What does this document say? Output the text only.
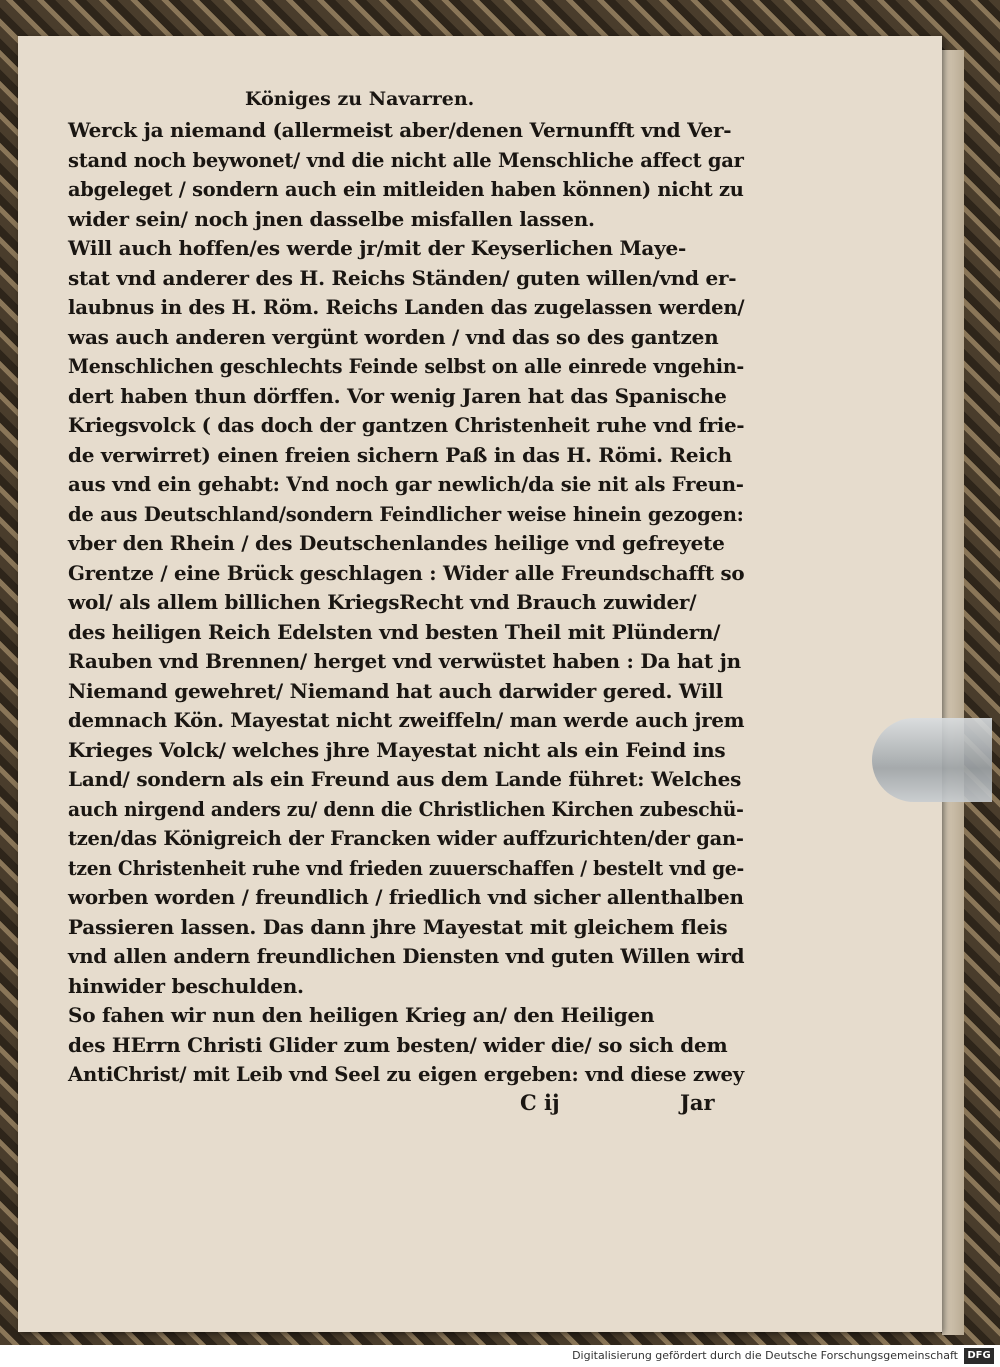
Königes zu Navarren.
Werck ja niemand (allermeist aber/denen Vernunfft vnd Ver-
stand noch beywonet/ vnd die nicht alle Menschliche affect gar
abgeleget / sondern auch ein mitleiden haben können) nicht zu
wider sein/ noch jnen dasselbe misfallen lassen.
Will auch hoffen/es werde jr/mit der Keyserlichen Maye-
stat vnd anderer des H. Reichs Ständen/ guten willen/vnd er-
laubnus in des H. Röm. Reichs Landen das zugelassen werden/
was auch anderen vergünt worden / vnd das so des gantzen
Menschlichen geschlechts Feinde selbst on alle einrede vngehin-
dert haben thun dörffen. Vor wenig Jaren hat das Spanische
Kriegsvolck ( das doch der gantzen Christenheit ruhe vnd frie-
de verwirret) einen freien sichern Paß in das H. Römi. Reich
aus vnd ein gehabt: Vnd noch gar newlich/da sie nit als Freun-
de aus Deutschland/sondern Feindlicher weise hinein gezogen:
vber den Rhein / des Deutschenlandes heilige vnd gefreyete
Grentze / eine Brück geschlagen : Wider alle Freundschafft so
wol/ als allem billichen KriegsRecht vnd Brauch zuwider/
des heiligen Reich Edelsten vnd besten Theil mit Plündern/
Rauben vnd Brennen/ herget vnd verwüstet haben : Da hat jn
Niemand gewehret/ Niemand hat auch darwider gered. Will
demnach Kön. Mayestat nicht zweiffeln/ man werde auch jrem
Krieges Volck/ welches jhre Mayestat nicht als ein Feind ins
Land/ sondern als ein Freund aus dem Lande führet: Welches
auch nirgend anders zu/ denn die Christlichen Kirchen zubeschü-
tzen/das Königreich der Francken wider auffzurichten/der gan-
tzen Christenheit ruhe vnd frieden zuuerschaffen / bestelt vnd ge-
worben worden / freundlich / friedlich vnd sicher allenthalben
Passieren lassen. Das dann jhre Mayestat mit gleichem fleis
vnd allen andern freundlichen Diensten vnd guten Willen wird
hinwider beschulden.
So fahen wir nun den heiligen Krieg an/ den Heiligen
des HErrn Christi Glider zum besten/ wider die/ so sich dem
AntiChrist/ mit Leib vnd Seel zu eigen ergeben: vnd diese zwey
C ij	Jar
Digitalisierung gefördert durch die Deutsche Forschungsgemeinschaft DFG
